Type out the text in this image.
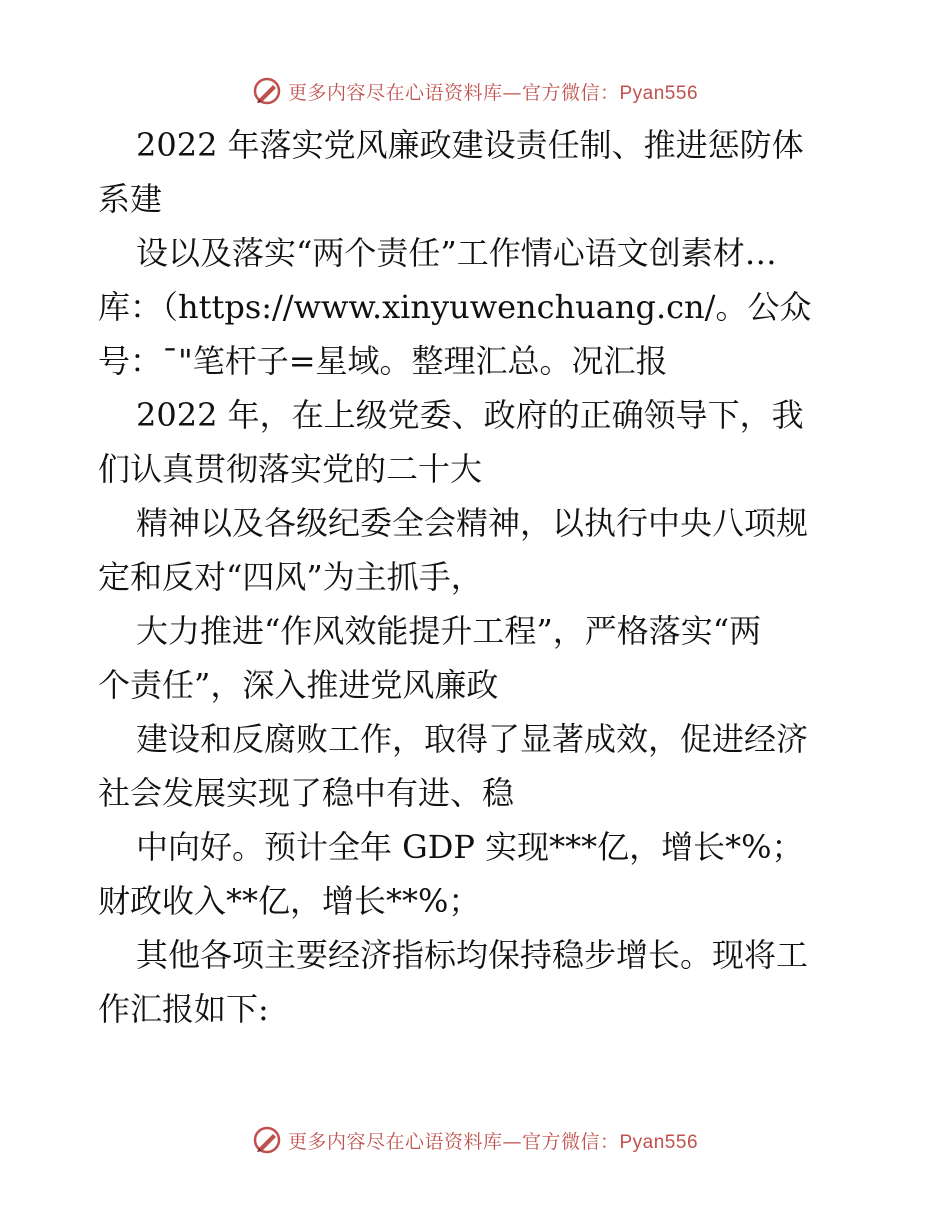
更多内容尽在心语资料库—官方微信：Pyan556
2022 年落实党风廉政建设责任制、推进惩防体
系建
设以及落实“两个责任”工作情心语文创素材…
库：（https://www.xinyuwenchuang.cn/。公众
号：¯"笔杆子=星域。整理汇总。况汇报
2022 年，在上级党委、政府的正确领导下，我
们认真贯彻落实党的二十大
精神以及各级纪委全会精神，以执行中央八项规
定和反对“四风”为主抓手，
大力推进“作风效能提升工程”，严格落实“两
个责任”，深入推进党风廉政
建设和反腐败工作，取得了显著成效，促进经济
社会发展实现了稳中有进、稳
中向好。预计全年 GDP 实现***亿，增长*%；
财政收入**亿，增长**%；
其他各项主要经济指标均保持稳步增长。现将工
作汇报如下:
更多内容尽在心语资料库—官方微信：Pyan556
